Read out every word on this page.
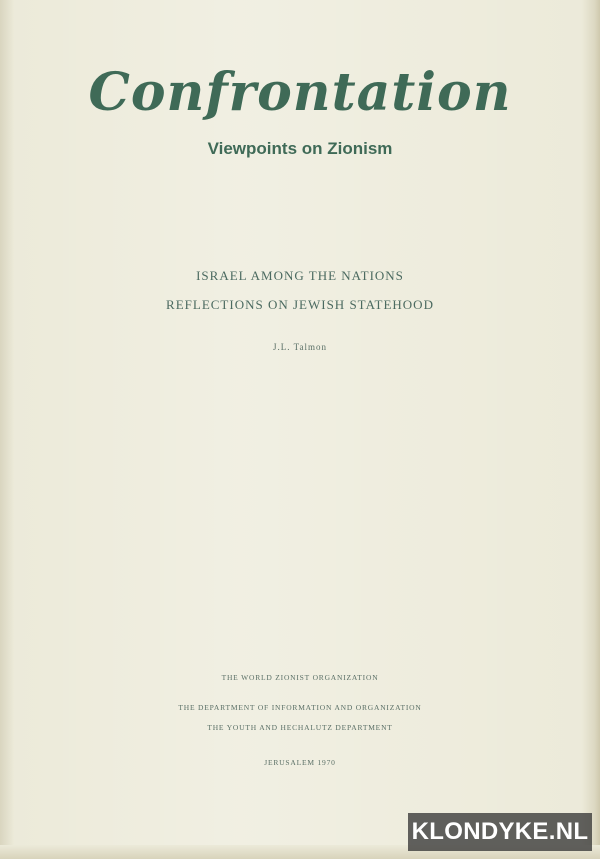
Confrontation
Viewpoints on Zionism
ISRAEL AMONG THE NATIONS
REFLECTIONS ON JEWISH STATEHOOD
J.L. Talmon
THE WORLD ZIONIST ORGANIZATION
THE DEPARTMENT OF INFORMATION AND ORGANIZATION
THE YOUTH AND HECHALUTZ DEPARTMENT
JERUSALEM 1970
KLONDYKE.NL
